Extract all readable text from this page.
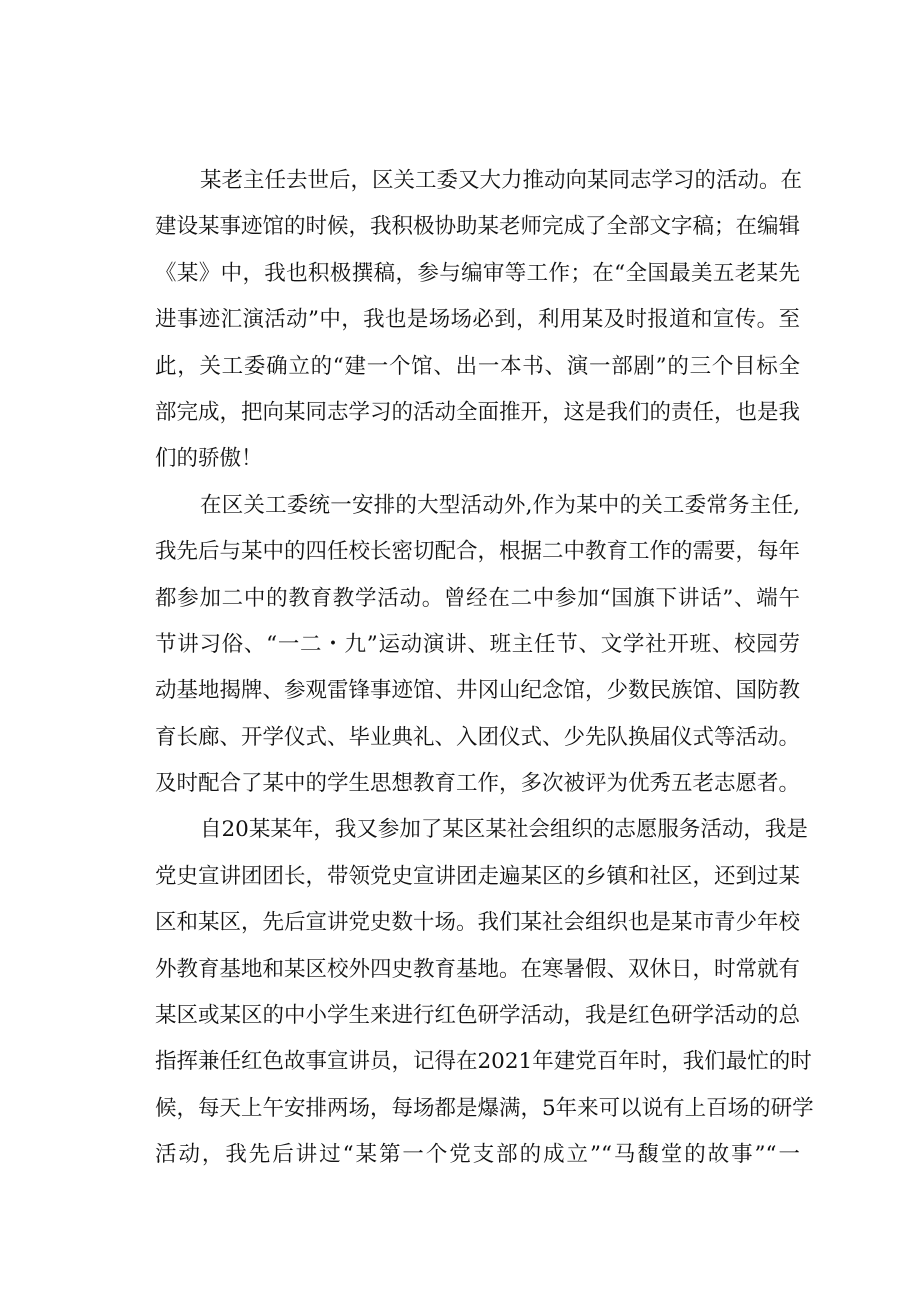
某老主任去世后，区关工委又大力推动向某同志学习的活动。在
建设某事迹馆的时候，我积极协助某老师完成了全部文字稿；在编辑
《某》中，我也积极撰稿，参与编审等工作；在“全国最美五老某先
进事迹汇演活动”中，我也是场场必到，利用某及时报道和宣传。至
此，关工委确立的“建一个馆、出一本书、演一部剧”的三个目标全
部完成，把向某同志学习的活动全面推开，这是我们的责任，也是我
们的骄傲！
在区关工委统一安排的大型活动外,作为某中的关工委常务主任,
我先后与某中的四任校长密切配合，根据二中教育工作的需要，每年
都参加二中的教育教学活动。曾经在二中参加“国旗下讲话”、端午
节讲习俗、“一二・九”运动演讲、班主任节、文学社开班、校园劳
动基地揭牌、参观雷锋事迹馆、井冈山纪念馆，少数民族馆、国防教
育长廊、开学仪式、毕业典礼、入团仪式、少先队换届仪式等活动。
及时配合了某中的学生思想教育工作，多次被评为优秀五老志愿者。
自20某某年，我又参加了某区某社会组织的志愿服务活动，我是
党史宣讲团团长，带领党史宣讲团走遍某区的乡镇和社区，还到过某
区和某区，先后宣讲党史数十场。我们某社会组织也是某市青少年校
外教育基地和某区校外四史教育基地。在寒暑假、双休日，时常就有
某区或某区的中小学生来进行红色研学活动，我是红色研学活动的总
指挥兼任红色故事宣讲员，记得在2021年建党百年时，我们最忙的时
候，每天上午安排两场，每场都是爆满，5年来可以说有上百场的研学
活动，我先后讲过“某第一个党支部的成立”“马馥堂的故事”“一
